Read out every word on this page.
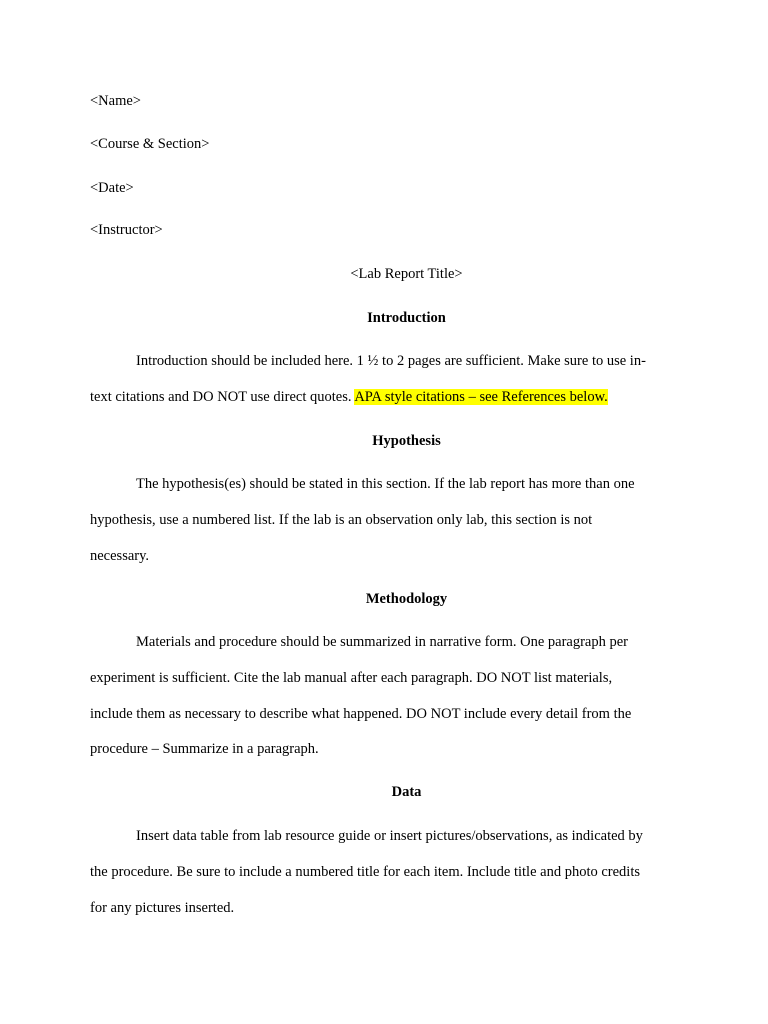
<Name>
<Course & Section>
<Date>
<Instructor>
<Lab Report Title>
Introduction
Introduction should be included here. 1 ½ to 2 pages are sufficient. Make sure to use in-
text citations and DO NOT use direct quotes. APA style citations – see References below.
Hypothesis
The hypothesis(es) should be stated in this section. If the lab report has more than one
hypothesis, use a numbered list. If the lab is an observation only lab, this section is not
necessary.
Methodology
Materials and procedure should be summarized in narrative form. One paragraph per
experiment is sufficient. Cite the lab manual after each paragraph. DO NOT list materials,
include them as necessary to describe what happened. DO NOT include every detail from the
procedure – Summarize in a paragraph.
Data
Insert data table from lab resource guide or insert pictures/observations, as indicated by
the procedure. Be sure to include a numbered title for each item. Include title and photo credits
for any pictures inserted.
